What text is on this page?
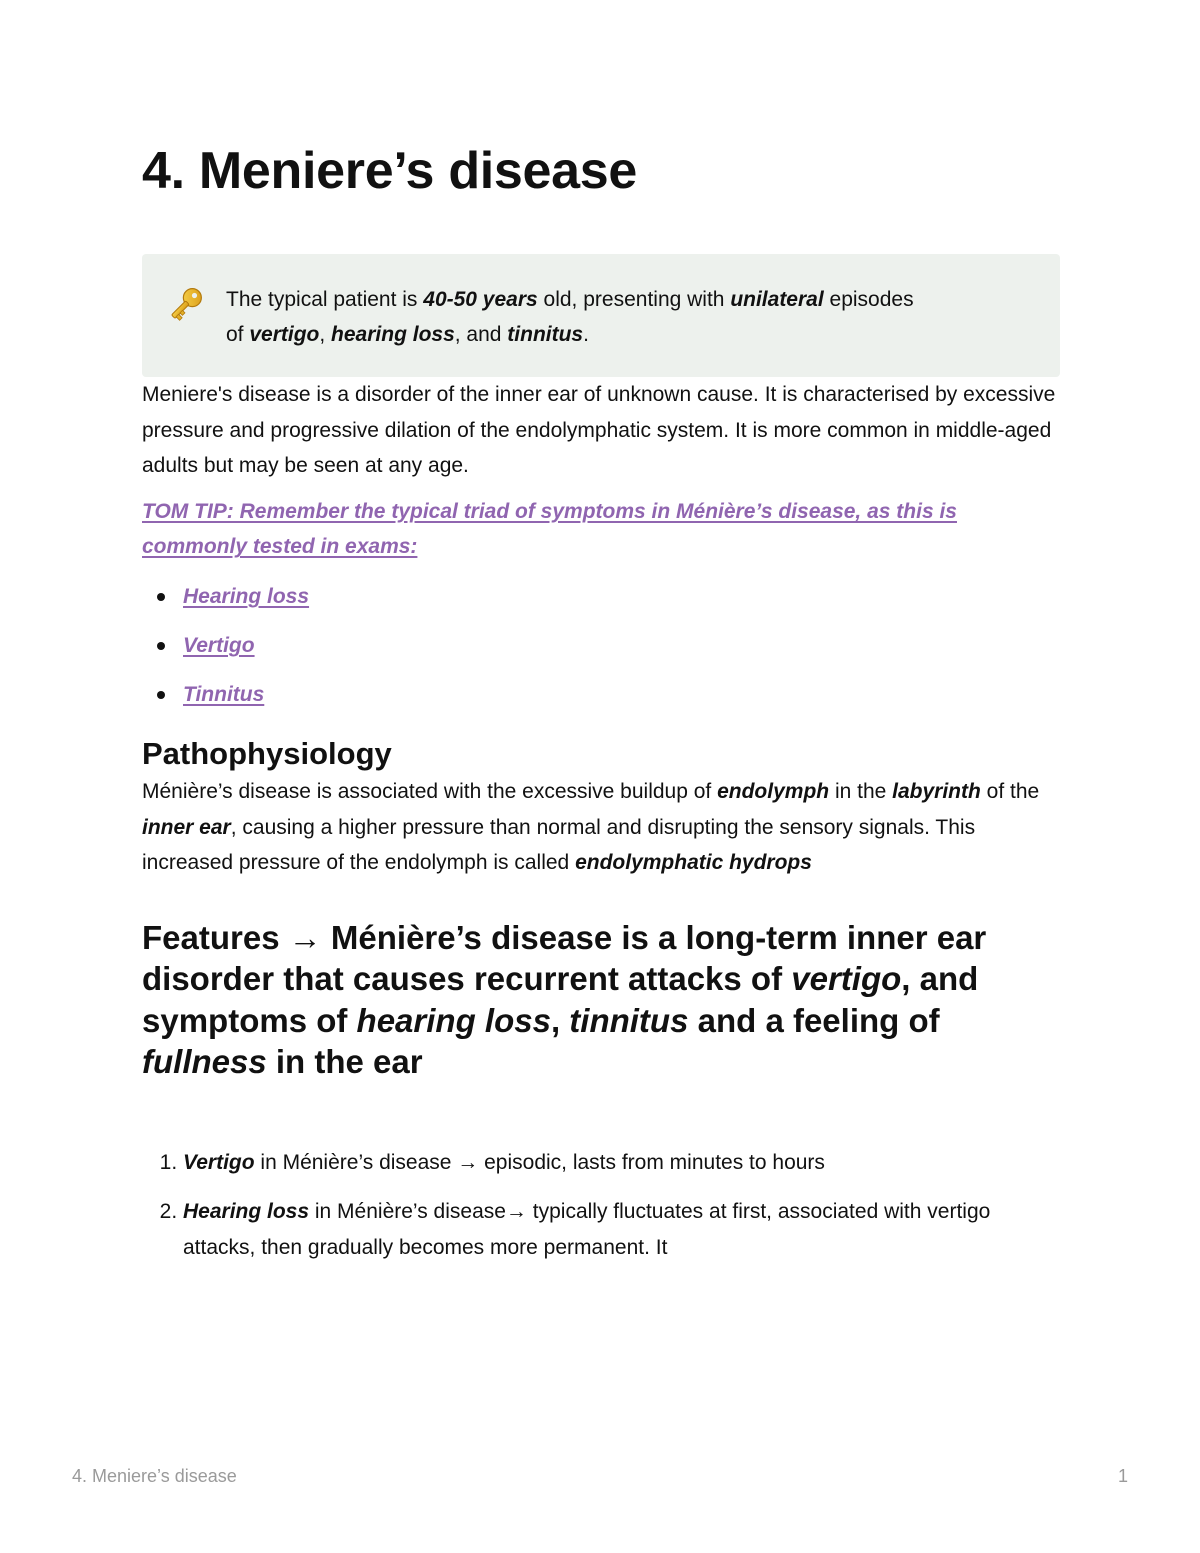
4. Meniere’s disease
The typical patient is 40-50 years old, presenting with unilateral episodes
of vertigo, hearing loss, and tinnitus.

Meniere's disease is a disorder of the inner ear of unknown cause. It is characterised by excessive pressure and progressive dilation of the endolymphatic system. It is more common in middle-aged adults but may be seen at any age.

TOM TIP: Remember the typical triad of symptoms in Ménière’s disease, as this is commonly tested in exams:

Hearing loss
Vertigo
Tinnitus
Pathophysiology

Ménière’s disease is associated with the excessive buildup of endolymph in the labyrinth of the inner ear, causing a higher pressure than normal and disrupting the sensory signals. This increased pressure of the endolymph is called endolymphatic hydrops

Features → Ménière’s disease is a long-term inner ear disorder that causes recurrent attacks of vertigo, and symptoms of hearing loss, tinnitus and a feeling of fullness in the ear
1. Vertigo in Ménière’s disease → episodic, lasts from minutes to hours
2. Hearing loss in Ménière’s disease→ typically fluctuates at first, associated with vertigo attacks, then gradually becomes more permanent. It
4. Meniere’s disease	1
